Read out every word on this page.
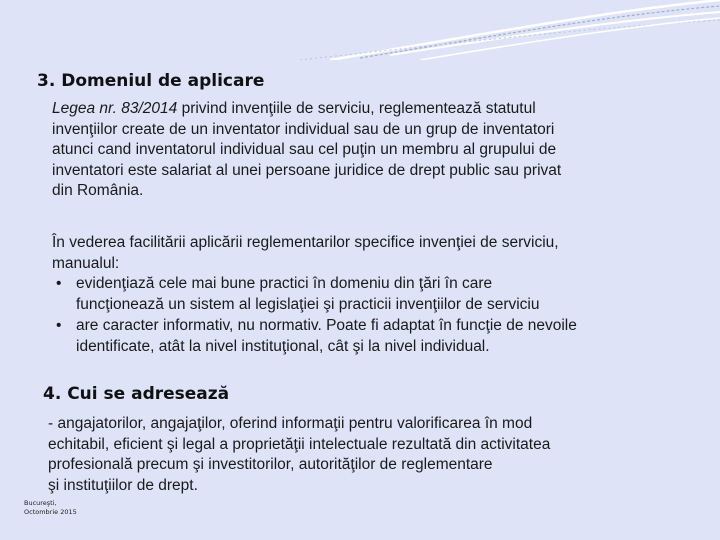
3. Domeniul de aplicare

Legea nr. 83/2014 privind invenţiile de serviciu, reglementează statutul
invenţiilor create de un inventator individual sau de un grup de inventatori
atunci cand inventatorul individual sau cel puţin un membru al grupului de
inventatori este salariat al unei persoane juridice de drept public sau privat
din România.

În vederea facilitării aplicării reglementarilor specifice invenţiei de serviciu,
manualul:

• evidenţiază cele mai bune practici în domeniu din ţări în care
funcţionează un sistem al legislaţiei şi practicii invenţiilor de serviciu
• are caracter informativ, nu normativ. Poate fi adaptat în funcţie de nevoile
identificate, atât la nivel instituţional, cât şi la nivel individual.
4. Cui se adresează

- angajatorilor, angajaţilor, oferind informaţii pentru valorificarea în mod
echitabil, eficient şi legal a proprietăţii intelectuale rezultată din activitatea
profesională precum şi investitorilor, autorităţilor de reglementare
şi instituţiilor de drept.

Bucureşti,
Octombrie 2015
